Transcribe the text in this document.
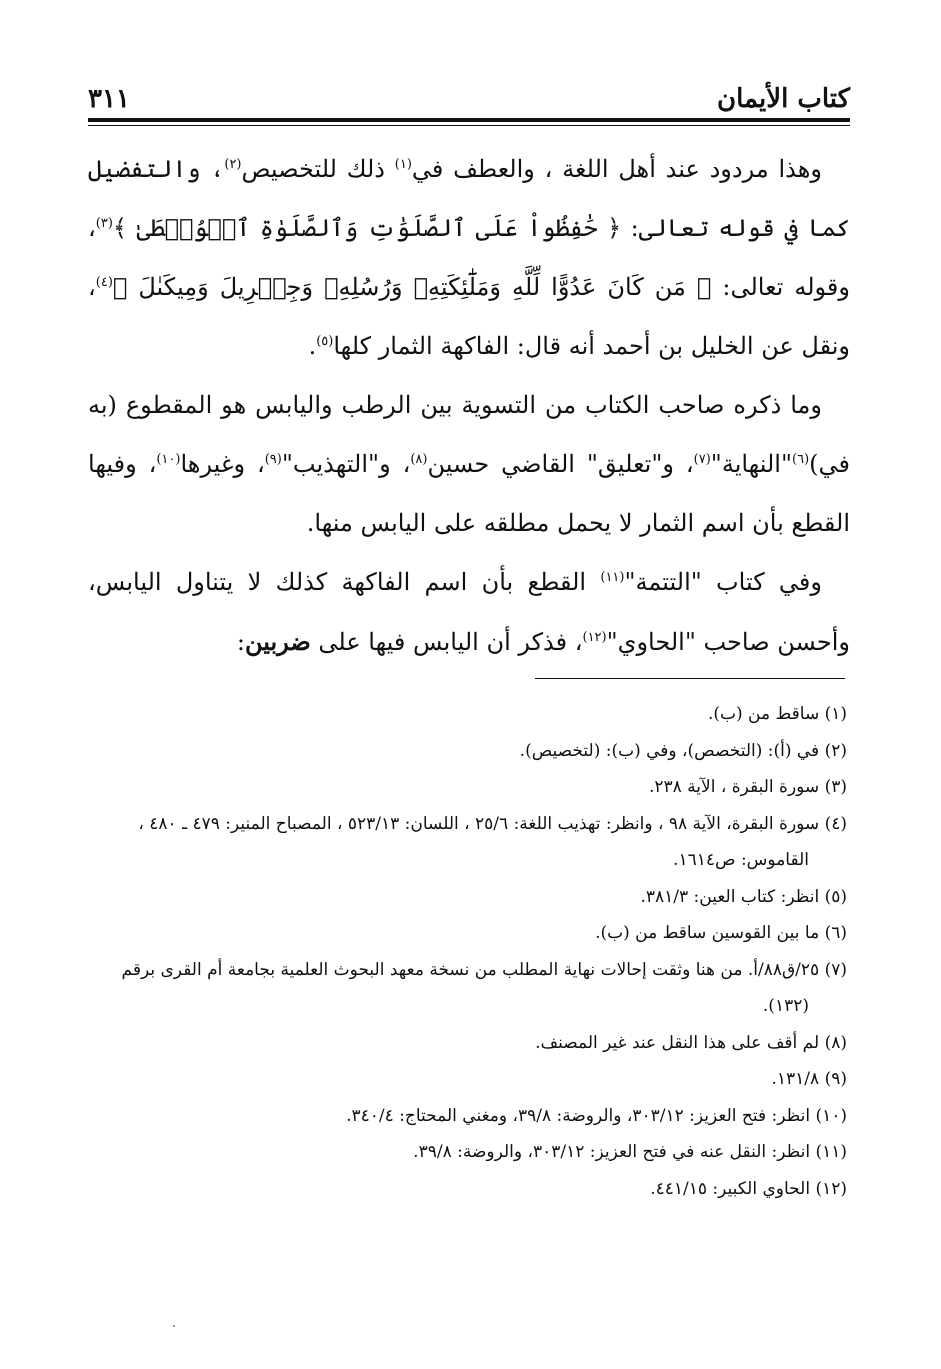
كتاب الأيمان
٣١١

وهذا مردود عند أهل اللغة ، والعطف في$^{(١)}$ ذلك للتخصيص$^{(٢)}$، والتفضيل كما في قوله تعالى: ﴿ حَٰفِظُواْ عَلَى ٱلصَّلَوَٰتِ وَٱلصَّلَوٰةِ ٱلۡوُسۡطَىٰ ﴾$^{(٣)}$، وقوله تعالى: ﴿ مَن كَانَ عَدُوًّا لِّلَّهِ وَمَلَٰٓئِكَتِهِۦ وَرُسُلِهِۦ وَجِبۡرِيلَ وَمِيكَىٰلَ ﴾$^{(٤)}$، ونقل عن الخليل بن أحمد أنه قال: الفاكهة الثمار كلها$^{(٥)}$.

وما ذكره صاحب الكتاب من التسوية بين الرطب واليابس هو المقطوع (به في)$^{(٦)}$"النهاية"$^{(٧)}$، و"تعليق" القاضي حسين$^{(٨)}$، و"التهذيب"$^{(٩)}$، وغيرها$^{(١٠)}$، وفيها القطع بأن اسم الثمار لا يحمل مطلقه على اليابس منها.

وفي كتاب "التتمة"$^{(١١)}$ القطع بأن اسم الفاكهة كذلك لا يتناول اليابس، وأحسن صاحب "الحاوي"$^{(١٢)}$، فذكر أن اليابس فيها على ضربين:

(١) ساقط من (ب).

(٢) في (أ): (التخصص)، وفي (ب): (لتخصيص).

(٣) سورة البقرة ، الآية ٢٣٨.

(٤) سورة البقرة، الآية ٩٨ ، وانظر: تهذيب اللغة: ٢٥/٦ ، اللسان: ٥٢٣/١٣ ، المصباح المنير: ٤٧٩ ـ ٤٨٠ ، القاموس: ص١٦١٤.

(٥) انظر: كتاب العين: ٣٨١/٣.

(٦) ما بين القوسين ساقط من (ب).

(٧) ٢٥/ق٨٨/أ. من هنا وثقت إحالات نهاية المطلب من نسخة معهد البحوث العلمية بجامعة أم القرى برقم (١٣٢).

(٨) لم أقف على هذا النقل عند غير المصنف.

(٩) ١٣١/٨.

(١٠) انظر: فتح العزيز: ٣٠٣/١٢، والروضة: ٣٩/٨، ومغني المحتاج: ٣٤٠/٤.

(١١) انظر: النقل عنه في فتح العزيز: ٣٠٣/١٢، والروضة: ٣٩/٨.

(١٢) الحاوي الكبير: ٤٤١/١٥.
